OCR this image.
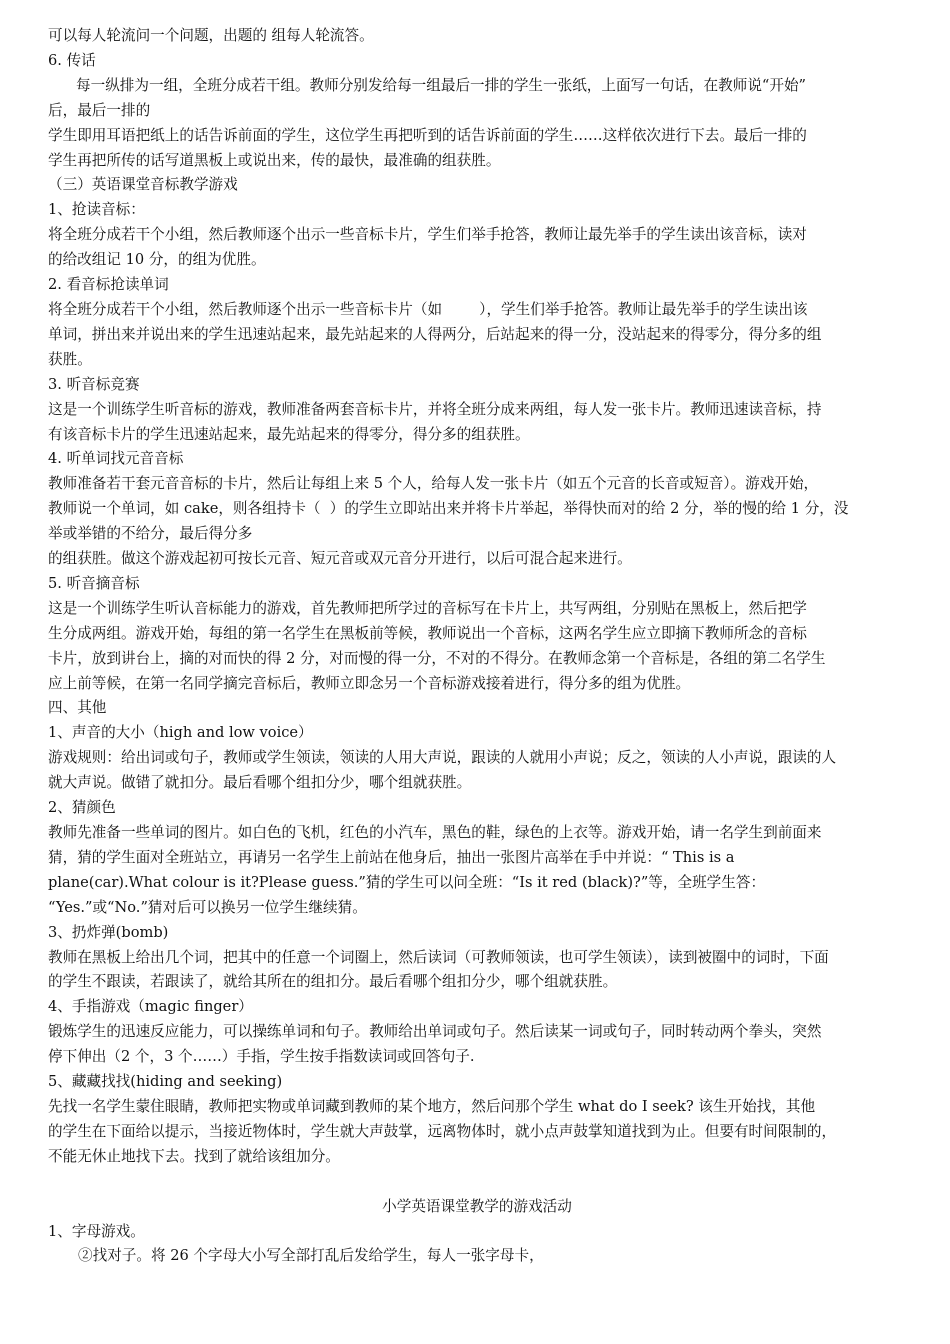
可以每人轮流问一个问题，出题的 组每人轮流答。
6. 传话
每一纵排为一组，全班分成若干组。教师分别发给每一组最后一排的学生一张纸，上面写一句话，在教师说“开始”
后，最后一排的
学生即用耳语把纸上的话告诉前面的学生，这位学生再把听到的话告诉前面的学生……这样依次进行下去。最后一排的
学生再把所传的话写道黑板上或说出来，传的最快，最准确的组获胜。
（三）英语课堂音标教学游戏
1、抢读音标：
将全班分成若干个小组，然后教师逐个出示一些音标卡片，学生们举手抢答，教师让最先举手的学生读出该音标，读对
的给改组记 10 分，的组为优胜。
2. 看音标抢读单词
将全班分成若干个小组，然后教师逐个出示一些音标卡片（如        ），学生们举手抢答。教师让最先举手的学生读出该
单词，拼出来并说出来的学生迅速站起来，最先站起来的人得两分，后站起来的得一分，没站起来的得零分，得分多的组
获胜。
3. 听音标竞赛
这是一个训练学生听音标的游戏，教师准备两套音标卡片，并将全班分成来两组，每人发一张卡片。教师迅速读音标，持
有该音标卡片的学生迅速站起来，最先站起来的得零分，得分多的组获胜。
4. 听单词找元音音标
教师准备若干套元音音标的卡片，然后让每组上来 5 个人，给每人发一张卡片（如五个元音的长音或短音）。游戏开始，
教师说一个单词，如 cake，则各组持卡（  ）的学生立即站出来并将卡片举起，举得快而对的给 2 分，举的慢的给 1 分，没
举或举错的不给分，最后得分多
的组获胜。做这个游戏起初可按长元音、短元音或双元音分开进行，以后可混合起来进行。
5. 听音摘音标
这是一个训练学生听认音标能力的游戏，首先教师把所学过的音标写在卡片上，共写两组，分别贴在黑板上，然后把学
生分成两组。游戏开始，每组的第一名学生在黑板前等候，教师说出一个音标，这两名学生应立即摘下教师所念的音标
卡片，放到讲台上，摘的对而快的得 2 分，对而慢的得一分，不对的不得分。在教师念第一个音标是，各组的第二名学生
应上前等候，在第一名同学摘完音标后，教师立即念另一个音标游戏接着进行，得分多的组为优胜。
四、其他
1、声音的大小（high and low voice）
游戏规则：给出词或句子，教师或学生领读，领读的人用大声说，跟读的人就用小声说；反之，领读的人小声说，跟读的人
就大声说。做错了就扣分。最后看哪个组扣分少，哪个组就获胜。
2、猜颜色
教师先准备一些单词的图片。如白色的飞机，红色的小汽车，黑色的鞋，绿色的上衣等。游戏开始，请一名学生到前面来
猜，猜的学生面对全班站立，再请另一名学生上前站在他身后，抽出一张图片高举在手中并说：“ This is a
plane(car).What colour is it?Please guess.”猜的学生可以问全班：“Is it red (black)?”等，全班学生答：
“Yes.”或“No.”猜对后可以换另一位学生继续猜。
3、扔炸弹(bomb)
教师在黑板上给出几个词，把其中的任意一个词圈上，然后读词（可教师领读，也可学生领读），读到被圈中的词时，下面
的学生不跟读，若跟读了，就给其所在的组扣分。最后看哪个组扣分少，哪个组就获胜。
4、手指游戏（magic finger）
锻炼学生的迅速反应能力，可以操练单词和句子。教师给出单词或句子。然后读某一词或句子，同时转动两个拳头，突然
停下伸出（2 个，3 个……）手指，学生按手指数读词或回答句子.
5、藏藏找找(hiding and seeking)
先找一名学生蒙住眼睛，教师把实物或单词藏到教师的某个地方，然后问那个学生 what do I seek? 该生开始找，其他
的学生在下面给以提示，当接近物体时，学生就大声鼓掌，远离物体时，就小点声鼓掌知道找到为止。但要有时间限制的，
不能无休止地找下去。找到了就给该组加分。

小学英语课堂教学的游戏活动
1、字母游戏。
②找对子。将 26 个字母大小写全部打乱后发给学生，每人一张字母卡，
